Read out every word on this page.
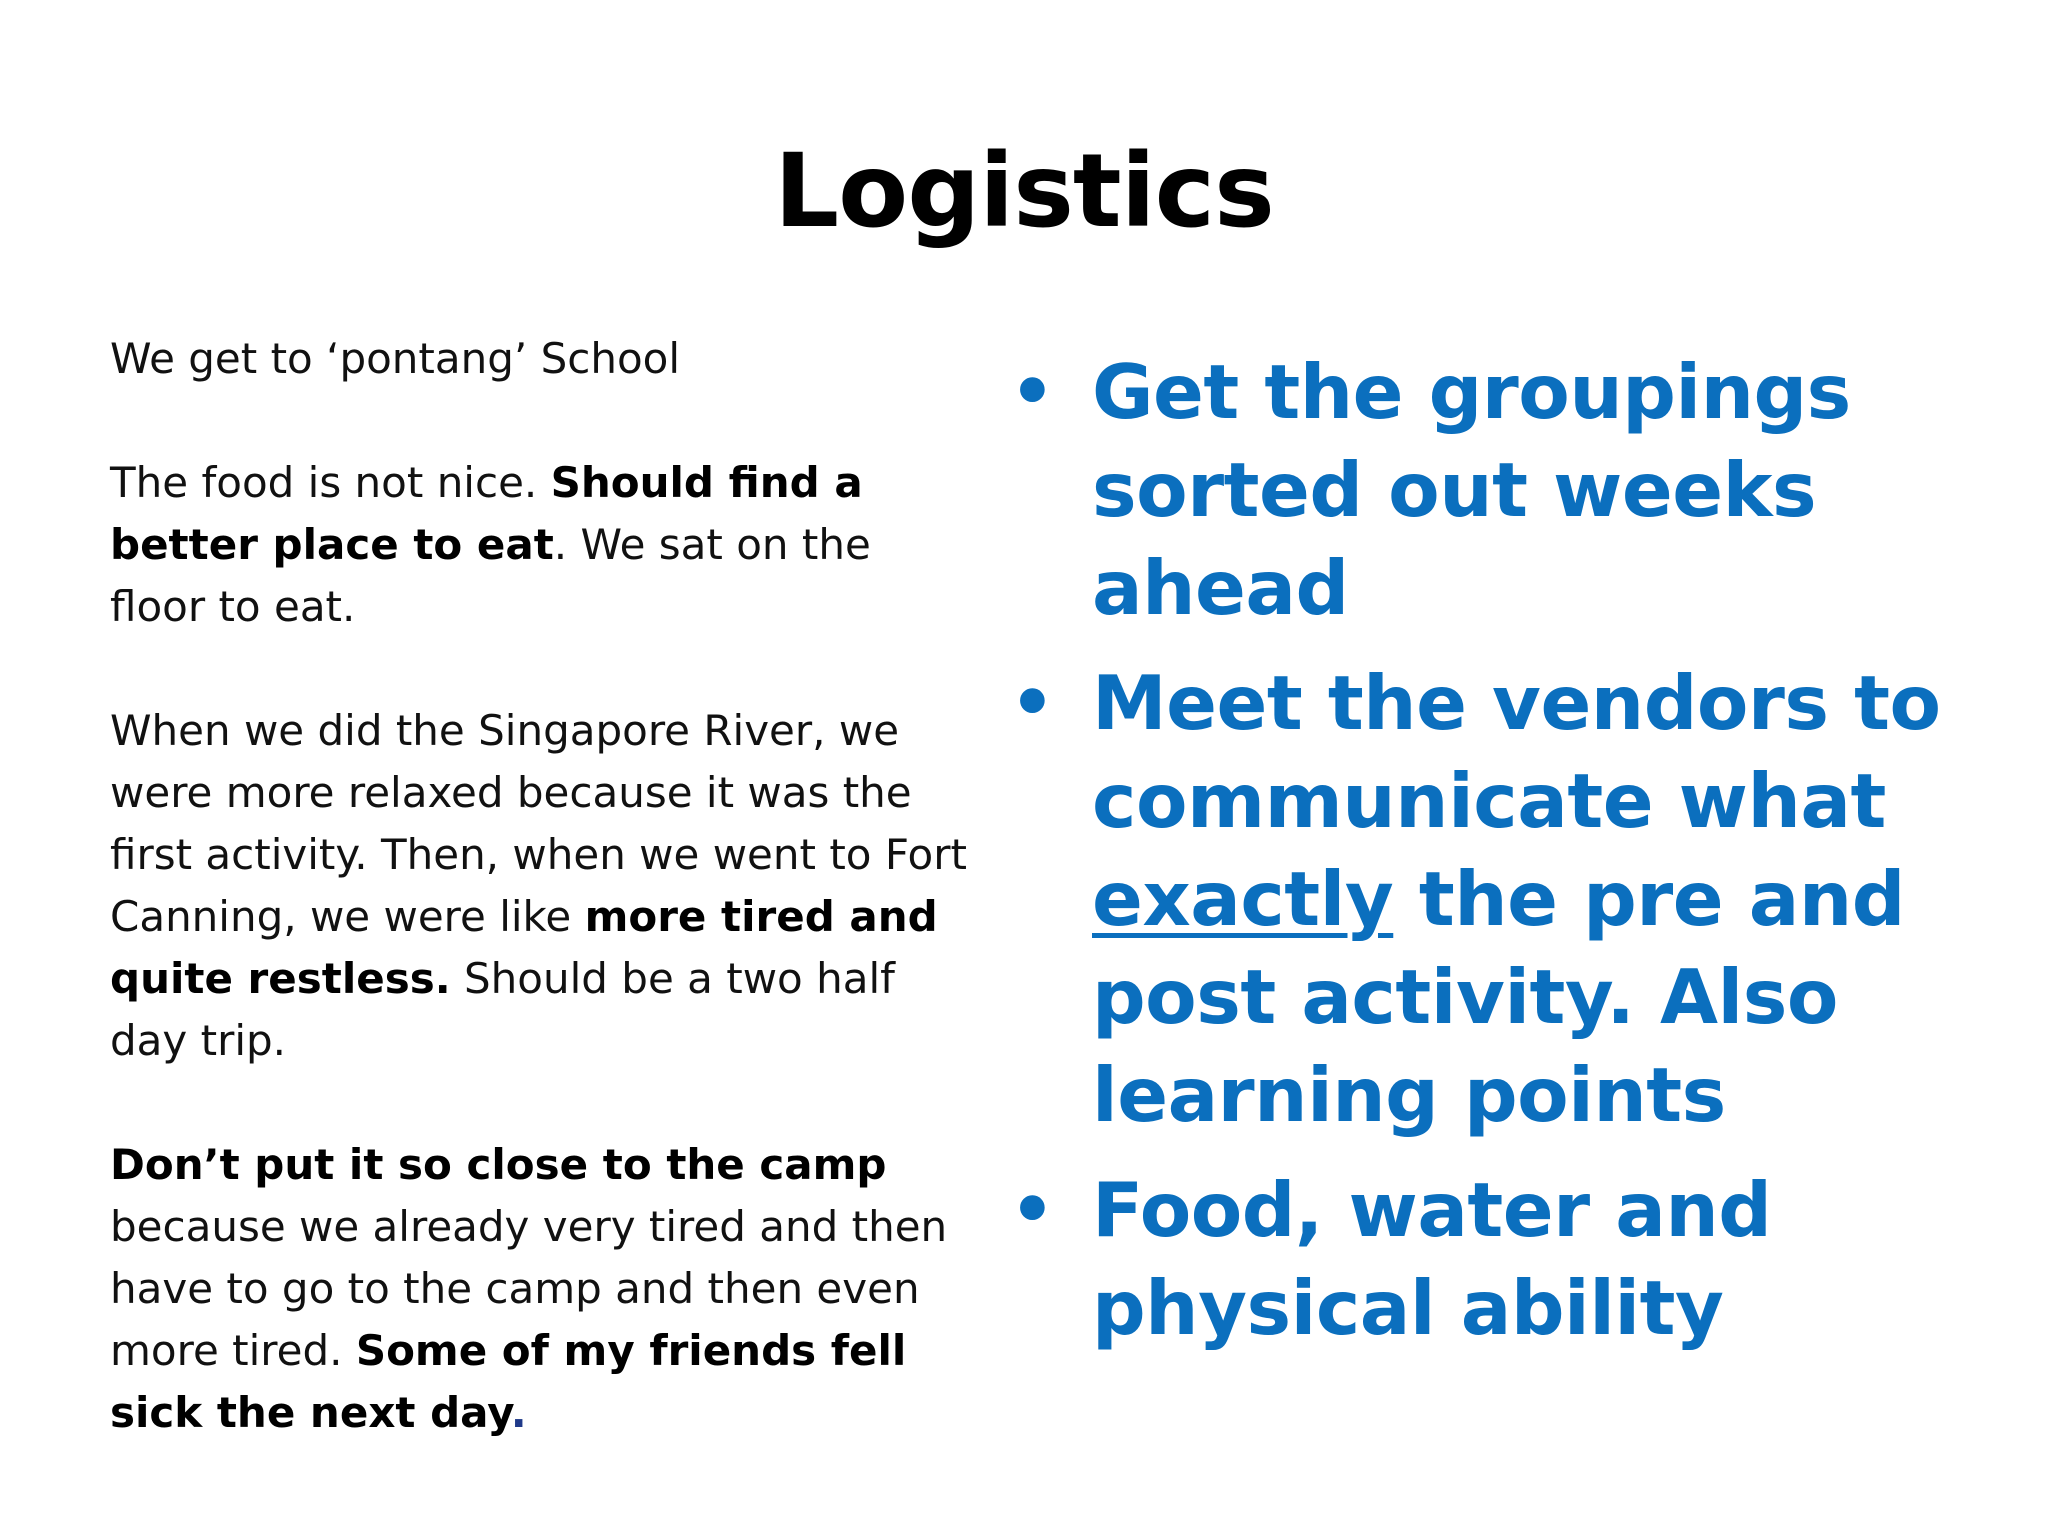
Logistics

We get to ‘pontang’ School

The food is not nice. Should find a better place to eat. We sat on the floor to eat.

When we did the Singapore River, we were more relaxed because it was the first activity. Then, when we went to Fort Canning, we were like more tired and quite restless. Should be a two half day trip.

Don’t put it so close to the camp because we already very tired and then have to go to the camp and then even more tired. Some of my friends fell sick the next day.

• Get the groupings sorted out weeks ahead
• Meet the vendors to communicate what exactly the pre and post activity. Also learning points
• Food, water and physical ability
